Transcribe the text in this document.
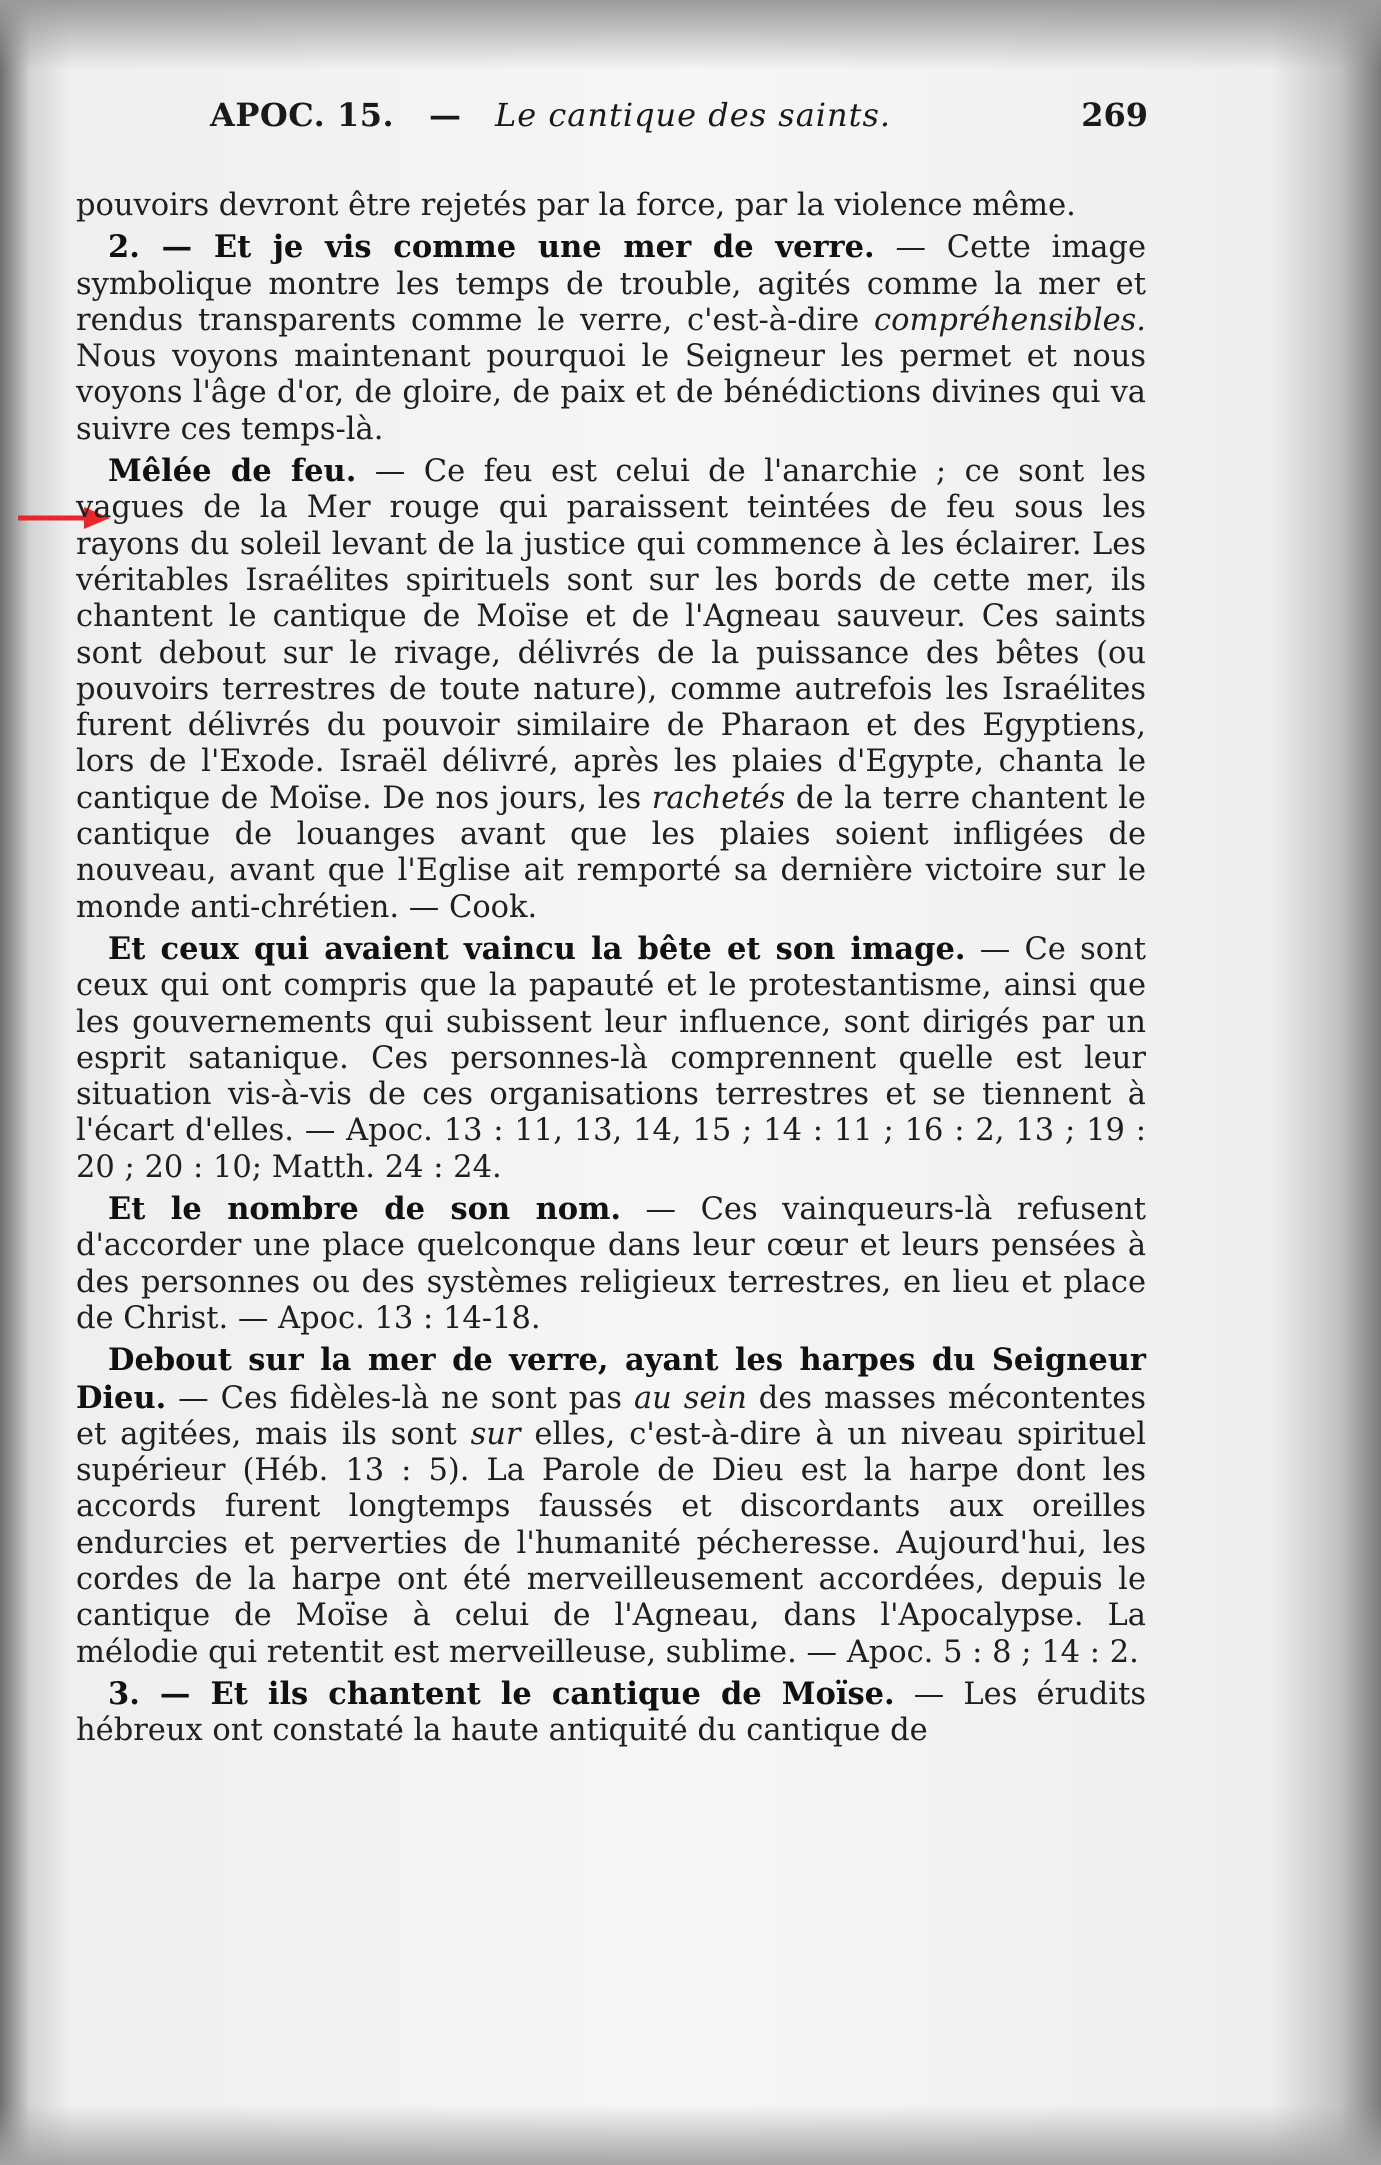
APOC. 15. — Le cantique des saints.	269

pouvoirs devront être rejetés par la force, par la violence même.

2. — Et je vis comme une mer de verre. — Cette image symbolique montre les temps de trouble, agités comme la mer et rendus transparents comme le verre, c'est-à-dire compréhensibles. Nous voyons maintenant pourquoi le Seigneur les permet et nous voyons l'âge d'or, de gloire, de paix et de bénédictions divines qui va suivre ces temps-là.

Mêlée de feu. — Ce feu est celui de l'anarchie ; ce sont les vagues de la Mer rouge qui paraissent teintées de feu sous les rayons du soleil levant de la justice qui commence à les éclairer. Les véritables Israélites spirituels sont sur les bords de cette mer, ils chantent le cantique de Moïse et de l'Agneau sauveur. Ces saints sont debout sur le rivage, délivrés de la puissance des bêtes (ou pouvoirs terrestres de toute nature), comme autrefois les Israélites furent délivrés du pouvoir similaire de Pharaon et des Egyptiens, lors de l'Exode. Israël délivré, après les plaies d'Egypte, chanta le cantique de Moïse. De nos jours, les rachetés de la terre chantent le cantique de louanges avant que les plaies soient infligées de nouveau, avant que l'Eglise ait remporté sa dernière victoire sur le monde anti-chrétien. — Cook.

Et ceux qui avaient vaincu la bête et son image. — Ce sont ceux qui ont compris que la papauté et le protestantisme, ainsi que les gouvernements qui subissent leur influence, sont dirigés par un esprit satanique. Ces personnes-là comprennent quelle est leur situation vis-à-vis de ces organisations terrestres et se tiennent à l'écart d'elles. — Apoc. 13 : 11, 13, 14, 15 ; 14 : 11 ; 16 : 2, 13 ; 19 : 20 ; 20 : 10; Matth. 24 : 24.

Et le nombre de son nom. — Ces vainqueurs-là refusent d'accorder une place quelconque dans leur cœur et leurs pensées à des personnes ou des systèmes religieux terrestres, en lieu et place de Christ. — Apoc. 13 : 14-18.

Debout sur la mer de verre, ayant les harpes du Seigneur Dieu. — Ces fidèles-là ne sont pas au sein des masses mécontentes et agitées, mais ils sont sur elles, c'est-à-dire à un niveau spirituel supérieur (Héb. 13 : 5). La Parole de Dieu est la harpe dont les accords furent longtemps faussés et discordants aux oreilles endurcies et perverties de l'humanité pécheresse. Aujourd'hui, les cordes de la harpe ont été merveilleusement accordées, depuis le cantique de Moïse à celui de l'Agneau, dans l'Apocalypse. La mélodie qui retentit est merveilleuse, sublime. — Apoc. 5 : 8 ; 14 : 2.

3. — Et ils chantent le cantique de Moïse. — Les érudits hébreux ont constaté la haute antiquité du cantique de
